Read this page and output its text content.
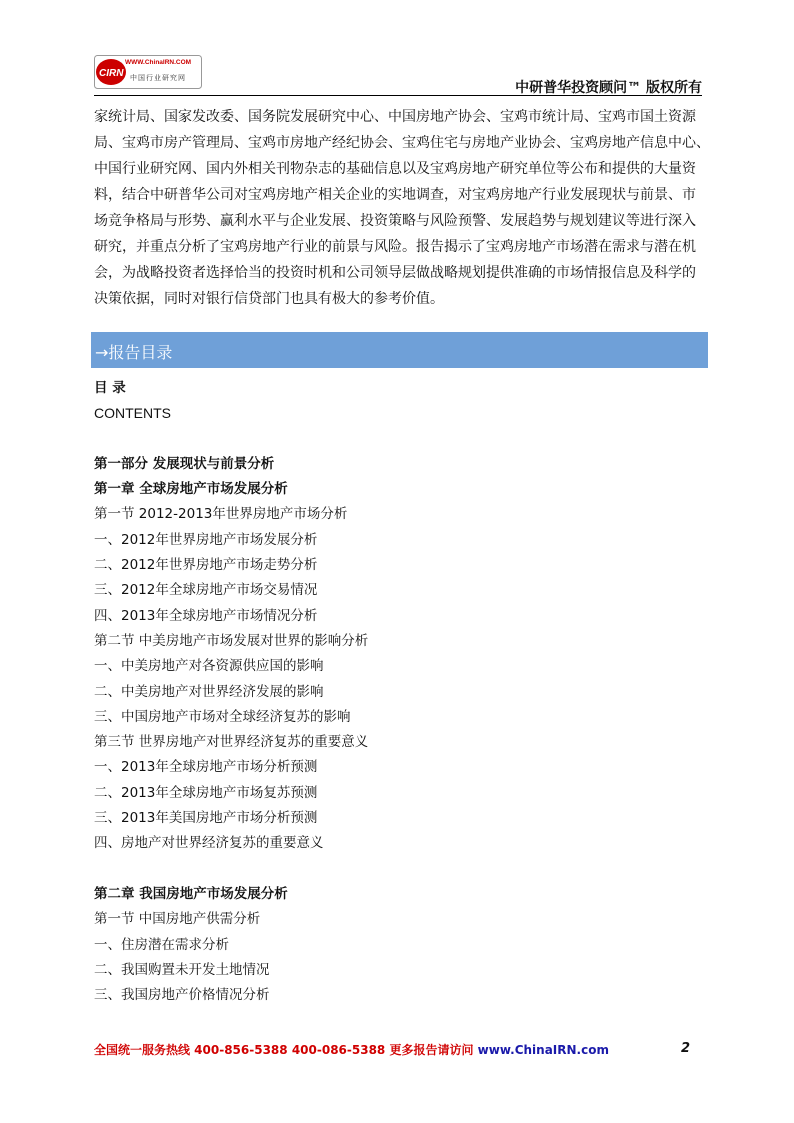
CIRN
WWW.ChinaIRN.COM
中国行业研究网
中研普华投资顾问™ 版权所有

家统计局、国家发改委、国务院发展研究中心、中国房地产协会、宝鸡市统计局、宝鸡市国土资源
局、宝鸡市房产管理局、宝鸡市房地产经纪协会、宝鸡住宅与房地产业协会、宝鸡房地产信息中心、
中国行业研究网、国内外相关刊物杂志的基础信息以及宝鸡房地产研究单位等公布和提供的大量资
料，结合中研普华公司对宝鸡房地产相关企业的实地调查，对宝鸡房地产行业发展现状与前景、市
场竞争格局与形势、赢利水平与企业发展、投资策略与风险预警、发展趋势与规划建议等进行深入
研究，并重点分析了宝鸡房地产行业的前景与风险。报告揭示了宝鸡房地产市场潜在需求与潜在机
会，为战略投资者选择恰当的投资时机和公司领导层做战略规划提供准确的市场情报信息及科学的
决策依据，同时对银行信贷部门也具有极大的参考价值。

→报告目录
目 录
CONTENTS
第一部分 发展现状与前景分析
第一章 全球房地产市场发展分析
第一节 2012-2013年世界房地产市场分析
一、2012年世界房地产市场发展分析
二、2012年世界房地产市场走势分析
三、2012年全球房地产市场交易情况
四、2013年全球房地产市场情况分析
第二节 中美房地产市场发展对世界的影响分析
一、中美房地产对各资源供应国的影响
二、中美房地产对世界经济发展的影响
三、中国房地产市场对全球经济复苏的影响
第三节 世界房地产对世界经济复苏的重要意义
一、2013年全球房地产市场分析预测
二、2013年全球房地产市场复苏预测
三、2013年美国房地产市场分析预测
四、房地产对世界经济复苏的重要意义
第二章 我国房地产市场发展分析
第一节 中国房地产供需分析
一、住房潜在需求分析
二、我国购置未开发土地情况
三、我国房地产价格情况分析
全国统一服务热线 400-856-5388 400-086-5388 更多报告请访问 www.ChinaIRN.com	2
